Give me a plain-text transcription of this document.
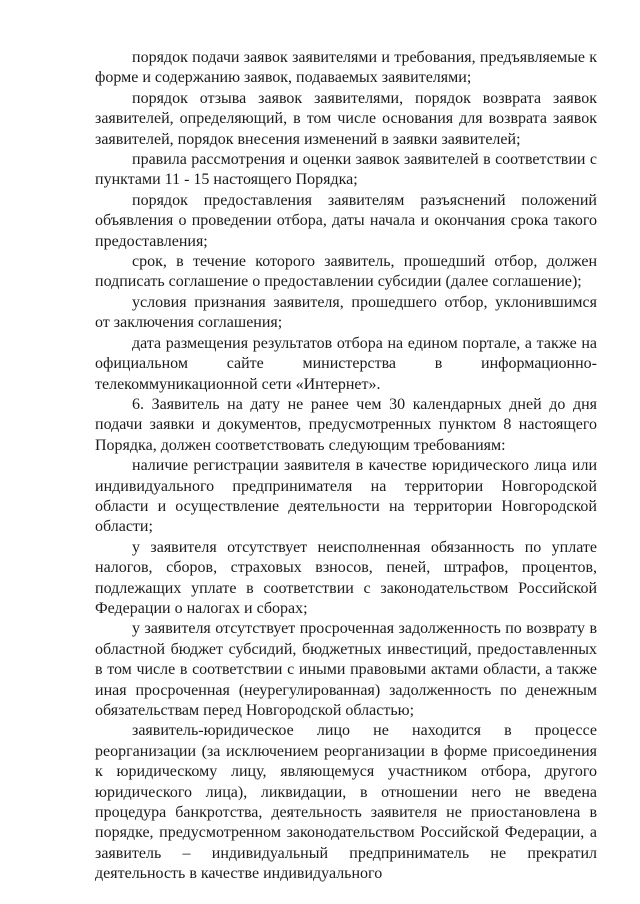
порядок подачи заявок заявителями и требования, предъявляемые к форме и содержанию заявок, подаваемых заявителями;

порядок отзыва заявок заявителями, порядок возврата заявок заявителей, определяющий, в том числе основания для возврата заявок заявителей, порядок внесения изменений в заявки заявителей;

правила рассмотрения и оценки заявок заявителей в соответствии с пунктами 11 - 15 настоящего Порядка;

порядок предоставления заявителям разъяснений положений объявления о проведении отбора, даты начала и окончания срока такого предоставления;

срок, в течение которого заявитель, прошедший отбор, должен подписать соглашение о предоставлении субсидии (далее соглашение);

условия признания заявителя, прошедшего отбор, уклонившимся от заключения соглашения;

дата размещения результатов отбора на едином портале, а также на официальном сайте министерства в информационно-телекоммуникационной сети «Интернет».

6. Заявитель на дату не ранее чем 30 календарных дней до дня подачи заявки и документов, предусмотренных пунктом 8 настоящего Порядка, должен соответствовать следующим требованиям:

наличие регистрации заявителя в качестве юридического лица или индивидуального предпринимателя на территории Новгородской области и осуществление деятельности на территории Новгородской области;

у заявителя отсутствует неисполненная обязанность по уплате налогов, сборов, страховых взносов, пеней, штрафов, процентов, подлежащих уплате в соответствии с законодательством Российской Федерации о налогах и сборах;

у заявителя отсутствует просроченная задолженность по возврату в областной бюджет субсидий, бюджетных инвестиций, предоставленных в том числе в соответствии с иными правовыми актами области, а также иная просроченная (неурегулированная) задолженность по денежным обязательствам перед Новгородской областью;

заявитель-юридическое лицо не находится в процессе реорганизации (за исключением реорганизации в форме присоединения к юридическому лицу, являющемуся участником отбора, другого юридического лица), ликвидации, в отношении него не введена процедура банкротства, деятельность заявителя не приостановлена в порядке, предусмотренном законодательством Российской Федерации, а заявитель – индивидуальный предприниматель не прекратил деятельность в качестве индивидуального
